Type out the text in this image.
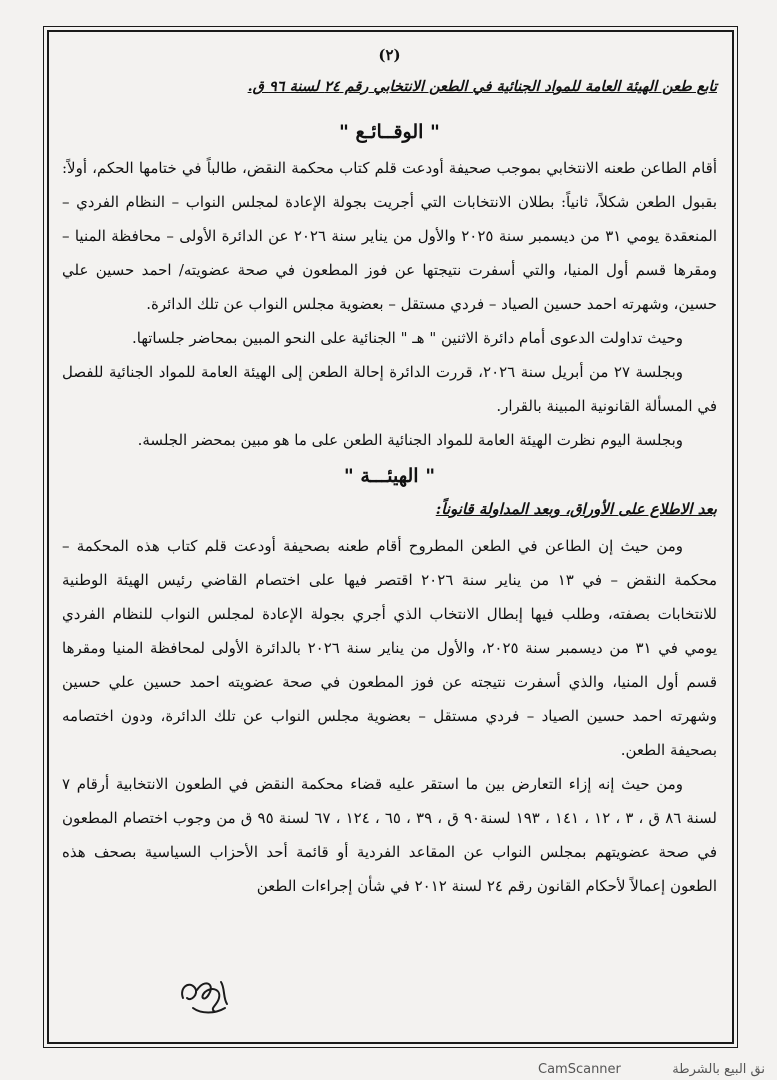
(٢)
تابع طعن الهيئة العامة للمواد الجنائية في الطعن الانتخابي رقم ٢٤ لسنة ٩٦ ق.
" الوقــائـع "

أقام الطاعن طعنه الانتخابي بموجب صحيفة أودعت قلم كتاب محكمة النقض، طالباً في ختامها الحكم، أولاً: بقبول الطعن شكلاً، ثانياً: بطلان الانتخابات التي أجريت بجولة الإعادة لمجلس النواب – النظام الفردي – المنعقدة يومي ٣١ من ديسمبر سنة ٢٠٢٥ والأول من يناير سنة ٢٠٢٦ عن الدائرة الأولى – محافظة المنيا – ومقرها قسم أول المنيا، والتي أسفرت نتيجتها عن فوز المطعون في صحة عضويته/ احمد حسين علي حسين، وشهرته احمد حسين الصياد – فردي مستقل – بعضوية مجلس النواب عن تلك الدائرة.

وحيث تداولت الدعوى أمام دائرة الاثنين " هـ " الجنائية على النحو المبين بمحاضر جلساتها.

وبجلسة ٢٧ من أبريل سنة ٢٠٢٦، قررت الدائرة إحالة الطعن إلى الهيئة العامة للمواد الجنائية للفصل في المسألة القانونية المبينة بالقرار.

وبجلسة اليوم نظرت الهيئة العامة للمواد الجنائية الطعن على ما هو مبين بمحضر الجلسة.

" الهيئـــة "
بعد الاطلاع على الأوراق، وبعد المداولة قانوناً:

ومن حيث إن الطاعن في الطعن المطروح أقام طعنه بصحيفة أودعت قلم كتاب هذه المحكمة – محكمة النقض – في ١٣ من يناير سنة ٢٠٢٦ اقتصر فيها على اختصام القاضي رئيس الهيئة الوطنية للانتخابات بصفته، وطلب فيها إبطال الانتخاب الذي أجري بجولة الإعادة لمجلس النواب للنظام الفردي يومي في ٣١ من ديسمبر سنة ٢٠٢٥، والأول من يناير سنة ٢٠٢٦ بالدائرة الأولى لمحافظة المنيا ومقرها قسم أول المنيا، والذي أسفرت نتيجته عن فوز المطعون في صحة عضويته احمد حسين علي حسين وشهرته احمد حسين الصياد – فردي مستقل – بعضوية مجلس النواب عن تلك الدائرة، ودون اختصامه بصحيفة الطعن.

ومن حيث إنه إزاء التعارض بين ما استقر عليه قضاء محكمة النقض في الطعون الانتخابية أرقام ٧ لسنة ٨٦ ق ، ٣ ، ١٢ ، ١٤١ ، ١٩٣ لسنة٩٠ ق ، ٣٩ ، ٦٥ ، ١٢٤ ، ٦٧ لسنة ٩٥ ق من وجوب اختصام المطعون في صحة عضويتهم بمجلس النواب عن المقاعد الفردية أو قائمة أحد الأحزاب السياسية بصحف هذه الطعون إعمالاً لأحكام القانون رقم ٢٤ لسنة ٢٠١٢ في شأن إجراءات الطعن

CamScanner	نق البيع بالشرطة
